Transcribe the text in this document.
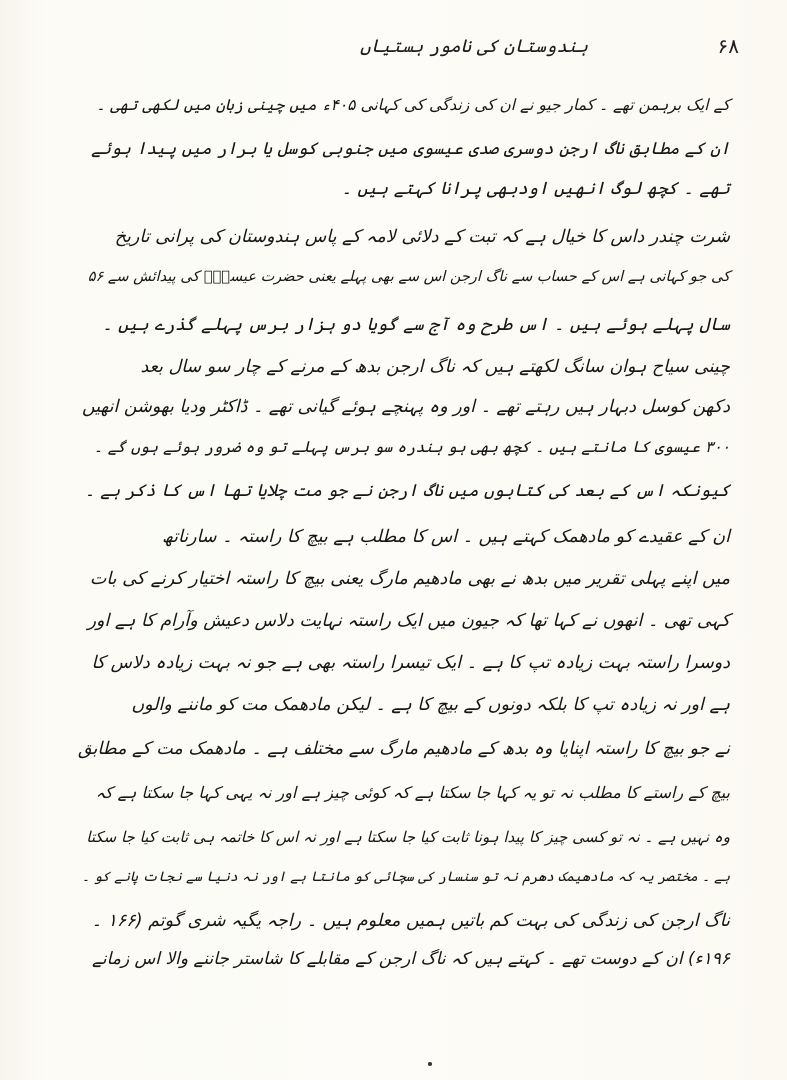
ہندوستان کی نامور ہستیاں	۶۸
کے ایک برہمن تھے ۔ کمار جیو نے ان کی زندگی کی کہانی ۴۰۵ء میں چینی زبان میں لکھی تھی ۔
ان کے مطابق ناگ ارجن دوسری صدی عیسوی میں جنوبی کوسل یا برار میں پیدا ہوئے
تھے ۔ کچھ لوگ انھیں اودبھی پرانا کہتے ہیں ۔
شرت چندر داس کا خیال ہے کہ تبت کے دلائی لامہ کے پاس ہندوستان کی پرانی تاریخ
کی جو کہانی ہے اس کے حساب سے ناگ ارجن اس سے بھی پہلے یعنی حضرت عیسیٰؑ کی پیدائش سے ۵۶
سال پہلے ہوئے ہیں ۔ اس طرح وہ آج سے گویا دو ہزار برس پہلے گذرے ہیں ۔
چینی سیاح ہوان سانگ لکھتے ہیں کہ ناگ ارجن بدھ کے مرنے کے چار سو سال بعد
دکھن کوسل دبہار ہیں رہتے تھے ۔ اور وہ پہنچے ہوئے گیانی تھے ۔ ڈاکٹر ودیا بھوشن انھیں
۳۰۰ عیسوی کا مانتے ہیں ۔ کچھ بھی ہو ہندرہ سو برس پہلے تو وہ ضرور ہوئے ہوں گے ۔
کیونکہ اس کے بعد کی کتابوں میں ناگ ارجن نے جو مت چلایا تھا اس کا ذکر ہے ۔
ان کے عقیدے کو مادھمک کہتے ہیں ۔ اس کا مطلب ہے بیچ کا راستہ ۔ سارناتھ
میں اپنے پہلی تقریر میں بدھ نے بھی مادھیم مارگ یعنی بیچ کا راستہ اختیار کرنے کی بات
کہی تھی ۔ انھوں نے کہا تھا کہ جیون میں ایک راستہ نہایت دلاس دعیش وآرام کا ہے اور
دوسرا راستہ بہت زیادہ تپ کا ہے ۔ ایک تیسرا راستہ بھی ہے جو نہ بہت زیادہ دلاس کا
ہے اور نہ زیادہ تپ کا بلکہ دونوں کے بیچ کا ہے ۔ لیکن مادھمک مت کو ماننے والوں
نے جو بیچ کا راستہ اپنایا وہ بدھ کے مادھیم مارگ سے مختلف ہے ۔ مادھمک مت کے مطابق
بیچ کے راستے کا مطلب نہ تو یہ کہا جا سکتا ہے کہ کوئی چیز ہے اور نہ یہی کہا جا سکتا ہے کہ
وہ نہیں ہے ۔ نہ تو کسی چیز کا پیدا ہونا ثابت کیا جا سکتا ہے اور نہ اس کا خاتمہ ہی ثابت کیا جا سکتا
ہے ۔ مختصر یہ کہ مادھیمک دھرم نہ تو سنسار کی سچائی کو مانتا ہے اور نہ دنیا سے نجات پانے کو ۔
ناگ ارجن کی زندگی کی بہت کم باتیں ہمیں معلوم ہیں ۔ راجہ یگیہ شری گوتم (۱۶۶ ۔
۱۹۶ء) ان کے دوست تھے ۔ کہتے ہیں کہ ناگ ارجن کے مقابلے کا شاستر جاننے والا اس زمانے
